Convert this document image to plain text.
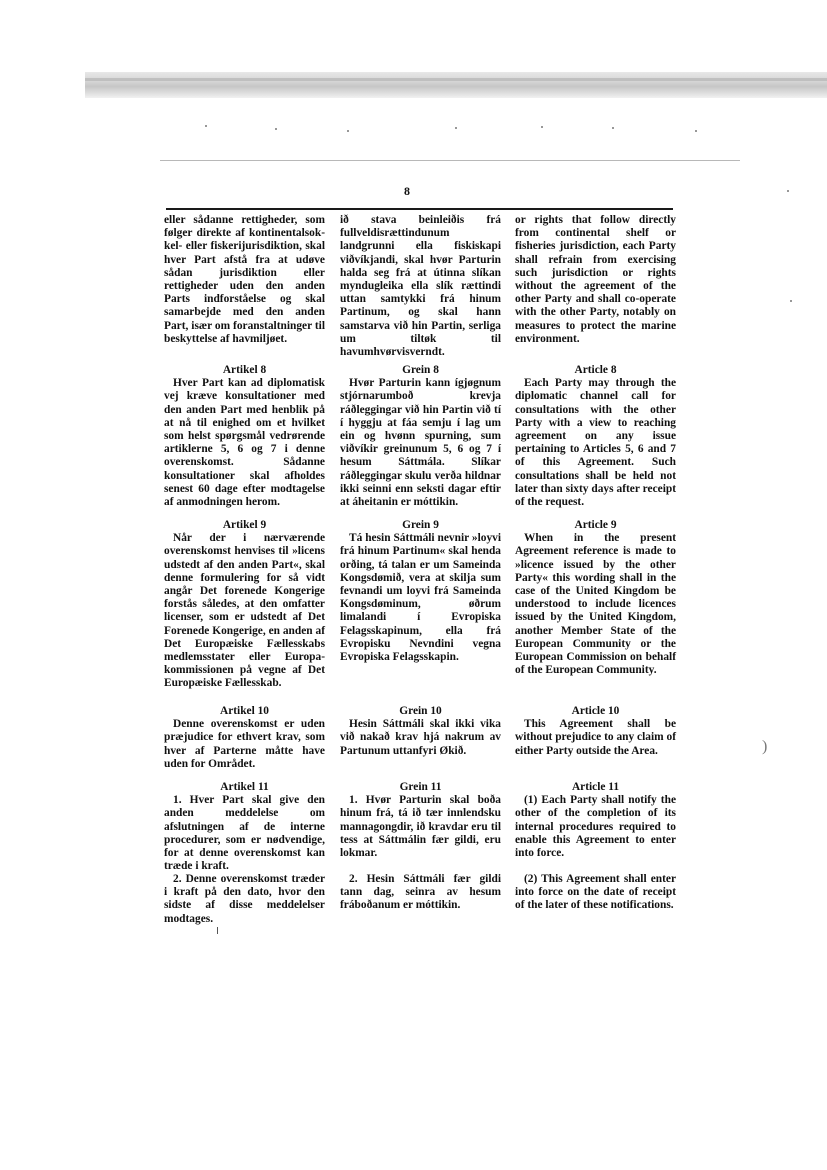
8

eller sådanne rettigheder, som følger direkte af kontinentalsok-kel- eller fiskerijurisdiktion, skal hver Part afstå fra at udøve sådan jurisdiktion eller rettigheder uden den anden Parts indforståelse og skal samarbejde med den anden Part, især om foranstaltninger til beskyttelse af havmiljøet.

Artikel 8

Hver Part kan ad diplomatisk vej kræve konsultationer med den anden Part med henblik på at nå til enighed om et hvilket som helst spørgsmål vedrørende artiklerne 5, 6 og 7 i denne overenskomst. Sådanne konsultationer skal afholdes senest 60 dage efter modtagelse af anmodningen herom.

Artikel 9

Når der i nærværende overenskomst henvises til »licens udstedt af den anden Part«, skal denne formulering for så vidt angår Det forenede Kongerige forstås således, at den omfatter licenser, som er udstedt af Det Forenede Kongerige, en anden af Det Europæiske Fællesskabs medlemsstater eller Europa-kommissionen på vegne af Det Europæiske Fællesskab.

Artikel 10

Denne overenskomst er uden præjudice for ethvert krav, som hver af Parterne måtte have uden for Området.

Artikel 11

1. Hver Part skal give den anden meddelelse om afslutningen af de interne procedurer, som er nødvendige, for at denne overenskomst kan træde i kraft.

2. Denne overenskomst træder i kraft på den dato, hvor den sidste af disse meddelelser modtages.

ið stava beinleiðis frá fullveldisrættindunum landgrunni ella fiskiskapi viðvíkjandi, skal hvør Parturin halda seg frá at útinna slíkan myndugleika ella slík rættindi uttan samtykki frá hinum Partinum, og skal hann samstarva við hin Partin, serliga um tiltøk til havumhvørvisverndt.

Grein 8

Hvør Parturin kann ígjøgnum stjórnarumboð krevja ráðleggingar við hin Partin við tí í hyggju at fáa semju í lag um ein og hvønn spurning, sum viðvíkir greinunum 5, 6 og 7 í hesum Sáttmála. Slíkar ráðleggingar skulu verða hildnar ikki seinni enn seksti dagar eftir at áheitanin er móttikin.

Grein 9

Tá hesin Sáttmáli nevnir »loyvi frá hinum Partinum« skal henda orðing, tá talan er um Sameinda Kongsdømið, vera at skilja sum fevnandi um loyvi frá Sameinda Kongsdøminum, øðrum limalandi í Evropiska Felagsskapinum, ella frá Evropisku Nevndini vegna Evropiska Felagsskapin.

Grein 10

Hesin Sáttmáli skal ikki vika við nakað krav hjá nakrum av Partunum uttanfyri Økið.

Grein 11

1. Hvør Parturin skal boða hinum frá, tá ið tær innlendsku mannagongdir, ið kravdar eru til tess at Sáttmálin fær gildi, eru lokmar.

2. Hesin Sáttmáli fær gildi tann dag, seinra av hesum fráboðanum er móttikin.

or rights that follow directly from continental shelf or fisheries jurisdiction, each Party shall refrain from exercising such jurisdiction or rights without the agreement of the other Party and shall co-operate with the other Party, notably on measures to protect the marine environment.

Article 8

Each Party may through the diplomatic channel call for consultations with the other Party with a view to reaching agreement on any issue pertaining to Articles 5, 6 and 7 of this Agreement. Such consultations shall be held not later than sixty days after receipt of the request.

Article 9

When in the present Agreement reference is made to »licence issued by the other Party« this wording shall in the case of the United Kingdom be understood to include licences issued by the United Kingdom, another Member State of the European Community or the European Commission on behalf of the European Community.

Article 10

This Agreement shall be without prejudice to any claim of either Party outside the Area.

Article 11

(1) Each Party shall notify the other of the completion of its internal procedures required to enable this Agreement to enter into force.

(2) This Agreement shall enter into force on the date of receipt of the later of these notifications.

)
